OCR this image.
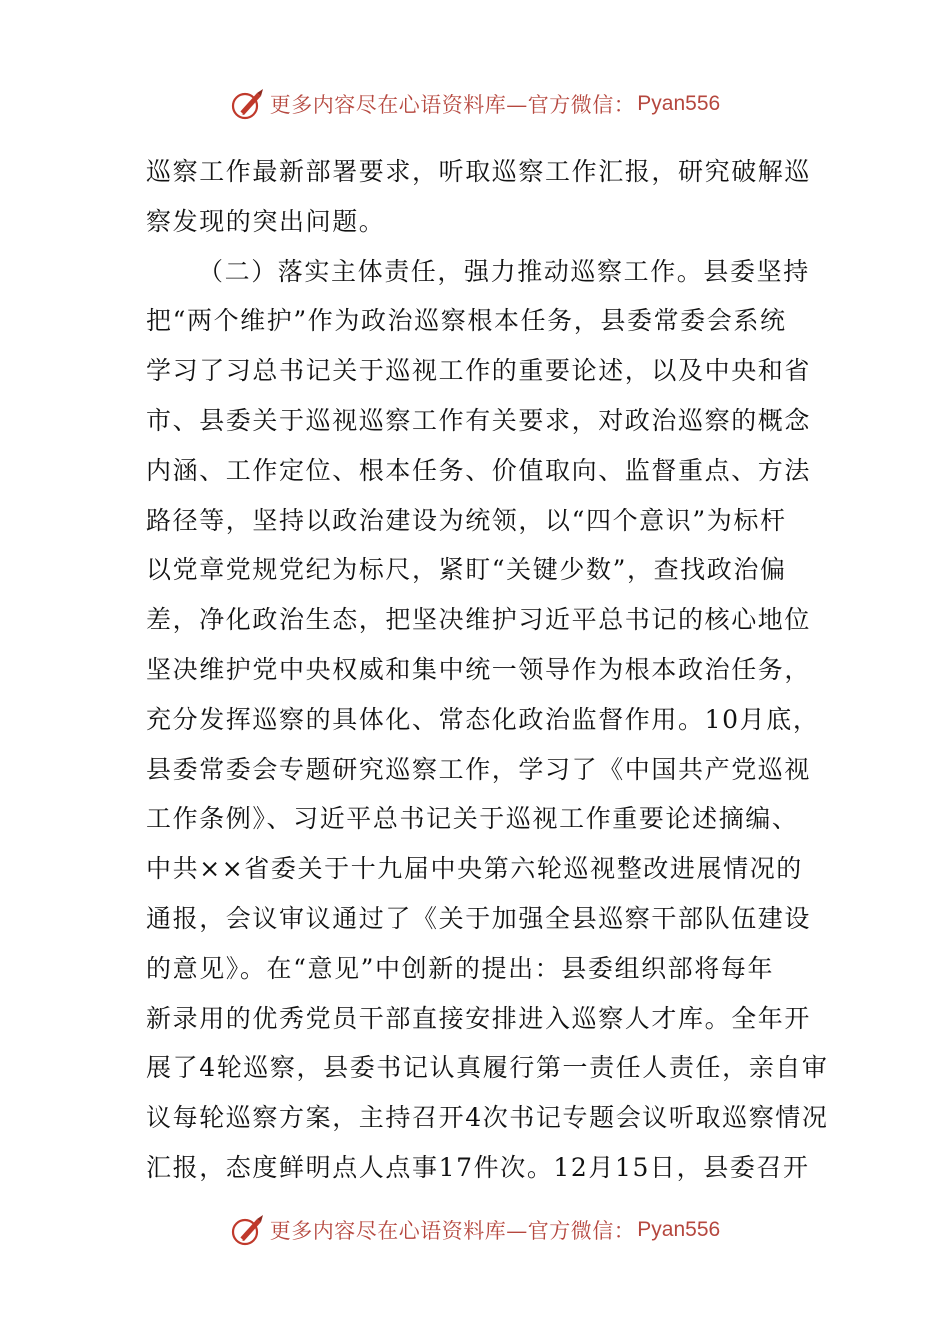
更多内容尽在心语资料库—官方微信： Pyan556
巡察工作最新部署要求，听取巡察工作汇报，研究破解巡
察发现的突出问题。
（二）落实主体责任，强力推动巡察工作。县委坚持
把“两个维护”作为政治巡察根本任务，县委常委会系统
学习了习总书记关于巡视工作的重要论述，以及中央和省
市、县委关于巡视巡察工作有关要求，对政治巡察的概念
内涵、工作定位、根本任务、价值取向、监督重点、方法
路径等，坚持以政治建设为统领，以“四个意识”为标杆
以党章党规党纪为标尺，紧盯“关键少数”，查找政治偏
差，净化政治生态，把坚决维护习近平总书记的核心地位
坚决维护党中央权威和集中统一领导作为根本政治任务，
充分发挥巡察的具体化、常态化政治监督作用。10月底，
县委常委会专题研究巡察工作，学习了《中国共产党巡视
工作条例》、习近平总书记关于巡视工作重要论述摘编、
中共××省委关于十九届中央第六轮巡视整改进展情况的
通报，会议审议通过了《关于加强全县巡察干部队伍建设
的意见》。在“意见”中创新的提出：县委组织部将每年
新录用的优秀党员干部直接安排进入巡察人才库。全年开
展了4轮巡察，县委书记认真履行第一责任人责任，亲自审
议每轮巡察方案，主持召开4次书记专题会议听取巡察情况
汇报，态度鲜明点人点事17件次。12月15日，县委召开
更多内容尽在心语资料库—官方微信： Pyan556
